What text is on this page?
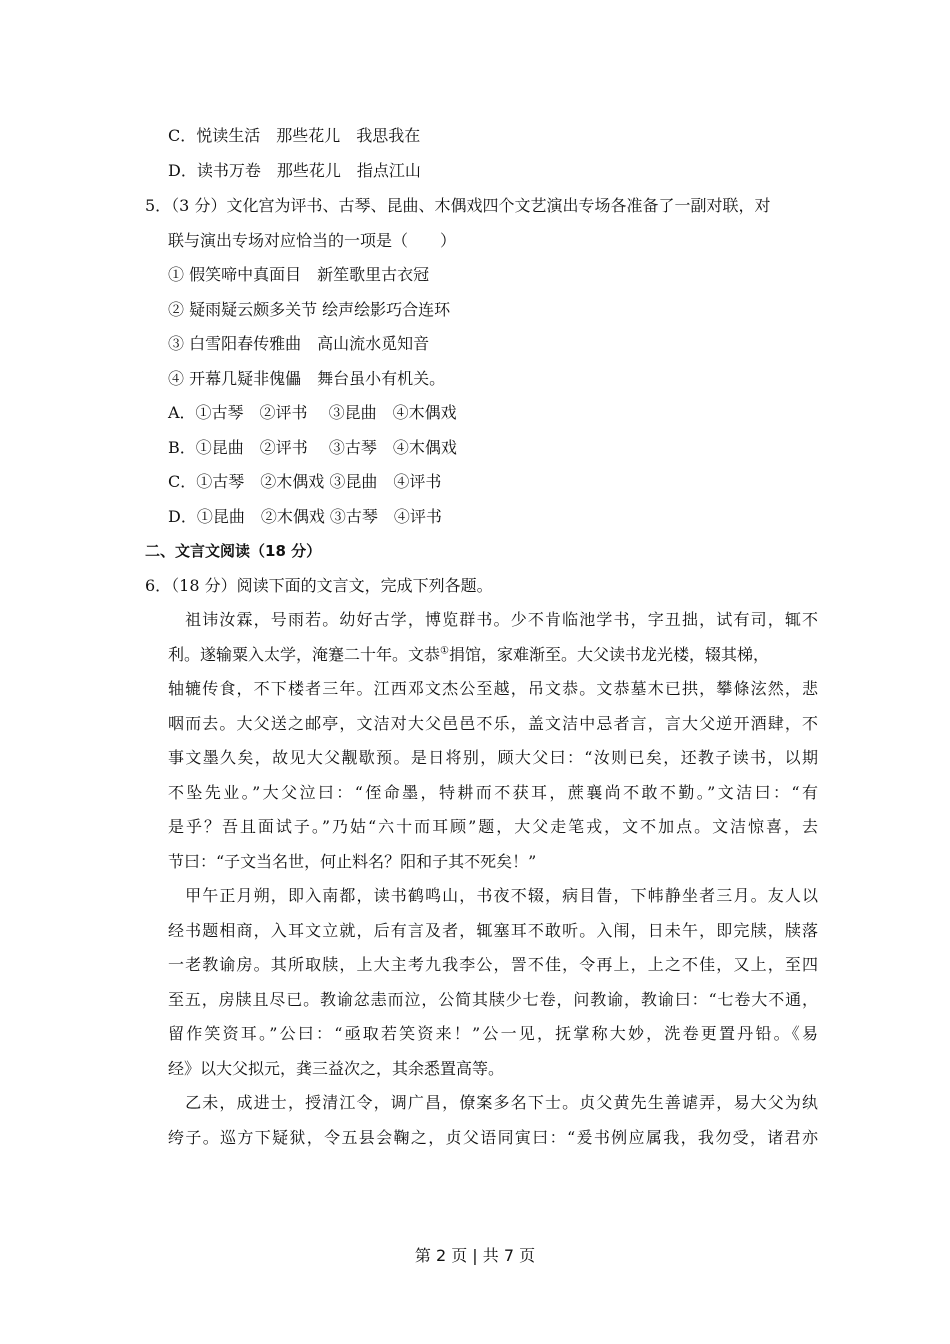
C．悦读生活　那些花儿　我思我在
D．读书万卷　那些花儿　指点江山
5．（3 分）文化宫为评书、古琴、昆曲、木偶戏四个文艺演出专场各准备了一副对联，对
联与演出专场对应恰当的一项是（　　）
① 假笑啼中真面目　新笙歌里古衣冠
② 疑雨疑云颇多关节 绘声绘影巧合连环
③ 白雪阳春传雅曲　高山流水觅知音
④ 开幕几疑非傀儡　舞台虽小有机关。
A．①古琴　②评书　 ③昆曲　④木偶戏
B．①昆曲　②评书　 ③古琴　④木偶戏
C．①古琴　②木偶戏 ③昆曲　④评书
D．①昆曲　②木偶戏 ③古琴　④评书
二、文言文阅读（18 分）
6．（18 分）阅读下面的文言文，完成下列各题。
　祖讳汝霖，号雨若。幼好古学，博览群书。少不肯临池学书，字丑拙，试有司，辄不
利。遂输粟入太学，淹蹇二十年。文恭①捐馆，家难渐至。大父读书龙光楼，辍其梯，
轴辘传食，不下楼者三年。江西邓文杰公至越，吊文恭。文恭墓木已拱，攀條泫然，悲
咽而去。大父送之邮亭，文洁对大父邑邑不乐，盖文洁中忌者言，言大父逆开酒肆，不
事文墨久矣，故见大父觏歇预。是日将别，顾大父曰：“汝则已矣，还教子读书，以期
不坠先业。”大父泣曰：“侄命墨，特耕而不获耳，蔗襄尚不敢不勤。”文洁曰：“有
是乎？吾且面试子。”乃姑“六十而耳顾”题，大父走笔戎，文不加点。文洁惊喜，去
节曰：“子文当名世，何止料名？阳和子其不死矣！”
　甲午正月朔，即入南都，读书鹤鸣山，书夜不辍，病目眚，下帏静坐者三月。友人以
经书题相商，入耳文立就，后有言及者，辄塞耳不敢听。入闱，日未午，即完牍，牍落
一老教谕房。其所取牍，上大主考九我李公，詈不佳，令再上，上之不佳，又上，至四
至五，房牍且尽已。教谕忿恚而泣，公简其牍少七卷，问教谕，教谕曰：“七卷大不通，
留作笑资耳。”公曰：“亟取若笑资来！”公一见，抚掌称大妙，洗卷更置丹铅。《易
经》以大父拟元，龚三益次之，其余悉置高等。
　乙未，成进士，授清江令，调广昌，僚案多名下士。贞父黄先生善谑弄，易大父为纨
绔子。巡方下疑狱，令五县会鞠之，贞父语同寅曰：“爰书例应属我，我勿受，诸君亦
第 2 页 | 共 7 页
